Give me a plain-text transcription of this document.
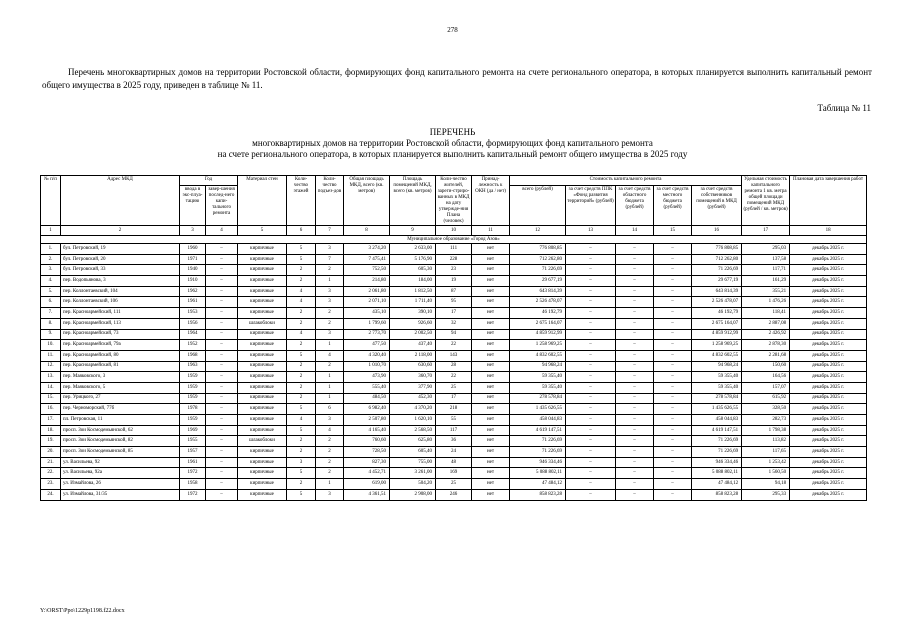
278
Перечень многоквартирных домов на территории Ростовской области, формирующих фонд капитального ремонта на счете регионального оператора, в которых планируется выполнить капитальный ремонт общего имущества в 2025 году, приведен в таблице № 11.
Таблица № 11
ПЕРЕЧЕНЬ
многоквартирных домов на территории Ростовской области, формирующих фонд капитального ремонта
на счете регионального оператора, в которых планируется выполнить капитальный ремонт общего имущества в 2025 году
№ п/п	Адрес МКД	Год		Материал стен	Коли-чество этажей	Коли-чество подъез-дов	Общая площадь МКД, всего (кв. метров)	Площадь помещений МКД, всего (кв. метров)	Коли-чество жителей, зареги-стриро-ванных в МКД на дату утвержде-ния Плана (человек)	Принад-лежность к ОКН (да / нет)	Стоимость капитального ремонта					Удельная стоимость капитального ремонта 1 кв. метра общей площади помещений МКД (рублей / кв. метров)	Плановая дата завершения работ
		ввода в экс-плуа-тацию	завер-шения послед-него капи-тального ремонта								всего (рублей)	за счет средств ППК «Фонд развития территорий» (рублей)	за счет средств областного бюджета (рублей)	за счет средств местного бюджета (рублей)	за счет средств собственников помещений в МКД (рублей)		
1	2	3	4	5	6	7	8	9	10	11	12	13	14	15	16	17	18
Муниципальное образование «Город Азов»																	
1.	бул. Петровский, 19	1960	–	кирпичные	5	3	3 274,20	2 633,00	111	нет	776 808,85	–	–	–	776 808,85	295,03	декабрь 2025 г.
2.	бул. Петровский, 20	1971	–	кирпичные	5	7	7 475,41	5 176,90	228	нет	712 262,80	–	–	–	712 262,80	137,58	декабрь 2025 г.
3.	бул. Петровский, 33	1940	–	кирпичные	2	2	752,50	605,30	23	нет	71 226,69	–	–	–	71 226,69	117,71	декабрь 2025 г.
4.	пер. Водопьянова, 3	1910	–	кирпичные	2	1	214,80	184,00	19	нет	29 677,19	–	–	–	29 677,19	161,29	декабрь 2025 г.
5.	пер. Коллонтаевский, 104	1962	–	кирпичные	4	3	2 061,80	1 812,50	87	нет	643 814,39	–	–	–	643 814,39	355,21	декабрь 2025 г.
6.	пер. Коллонтаевский, 106	1961	–	кирпичные	4	3	2 071,10	1 711,40	95	нет	2 526 478,07	–	–	–	2 526 478,07	1 476,26	декабрь 2025 г.
7.	пер. Красноармейский, 111	1953	–	кирпичные	2	2	435,10	390,10	17	нет	46 192,79	–	–	–	46 192,79	118,41	декабрь 2025 г.
8.	пер. Красноармейский, 113	1956	–	шлакоблоки	2	2	1 799,60	926,60	32	нет	2 675 164,07	–	–	–	2 675 164,07	2 887,08	декабрь 2025 г.
9.	пер. Красноармейский, 73	1964	–	кирпичные	4	3	2 773,70	2 002,50	94	нет	4 859 912,99	–	–	–	4 859 912,99	2 426,92	декабрь 2025 г.
10.	пер. Красноармейский, 79а	1952	–	кирпичные	2	1	477,50	437,40	22	нет	1 258 969,25	–	–	–	1 258 969,25	2 878,30	декабрь 2025 г.
11.	пер. Красноармейский, 80	1968	–	кирпичные	5	4	4 320,40	2 118,00	143	нет	4 832 602,55	–	–	–	4 832 602,55	2 281,68	декабрь 2025 г.
12.	пер. Красноармейский, 81	1963	–	кирпичные	2	2	1 010,70	630,60	28	нет	94 968,24	–	–	–	94 968,24	150,60	декабрь 2025 г.
13.	пер. Маяковского, 3	1959	–	кирпичные	2	1	473,90	360,70	22	нет	59 355,40	–	–	–	59 355,40	164,56	декабрь 2025 г.
14.	пер. Маяковского, 5	1959	–	кирпичные	2	1	555,40	377,90	25	нет	59 355,40	–	–	–	59 355,40	157,07	декабрь 2025 г.
15.	пер. Урицкого, 27	1959	–	кирпичные	2	1	484,50	452,30	17	нет	278 578,84	–	–	–	278 578,84	615,92	декабрь 2025 г.
16.	пер. Черноморский, 77б	1978	–	кирпичные	5	6	6 982,40	4 370,20	218	нет	1 435 626,55	–	–	–	1 435 626,55	328,50	декабрь 2025 г.
17.	пл. Петровская, 11	1959	–	кирпичные	4	3	2 507,80	1 620,10	55	нет	458 044,83	–	–	–	458 044,83	282,73	декабрь 2025 г.
18.	просп. Зои Космодемьянской, 62	1969	–	кирпичные	5	4	4 165,40	2 568,50	117	нет	4 619 147,51	–	–	–	4 619 147,51	1 798,38	декабрь 2025 г.
19.	просп. Зои Космодемьянской, 82	1955	–	шлакоблоки	2	2	760,60	625,80	36	нет	71 226,69	–	–	–	71 226,69	113,82	декабрь 2025 г.
20.	просп. Зои Космодемьянской, 85	1957	–	кирпичные	2	2	728,50	605,40	24	нет	71 226,69	–	–	–	71 226,69	117,65	декабрь 2025 г.
21.	ул. Васильева, 92	1961	–	кирпичные	3	2	827,30	755,00	48	нет	946 334,46	–	–	–	946 334,46	1 253,42	декабрь 2025 г.
22.	ул. Васильева, 92а	1972	–	кирпичные	5	2	4 452,71	3 261,00	169	нет	5 088 802,11	–	–	–	5 088 802,11	1 560,50	декабрь 2025 г.
23.	ул. Измайлова, 26	1958	–	кирпичные	2	1	619,00	504,20	25	нет	47 484,12	–	–	–	47 484,12	94,18	декабрь 2025 г.
24.	ул. Измайлова, 31/35	1972	–	кирпичные	5	3	4 361,51	2 908,00	246	нет	858 823,28	–	–	–	858 823,28	295,33	декабрь 2025 г.
Y:\ORST\Ppo\1229p1198.f22.docx
